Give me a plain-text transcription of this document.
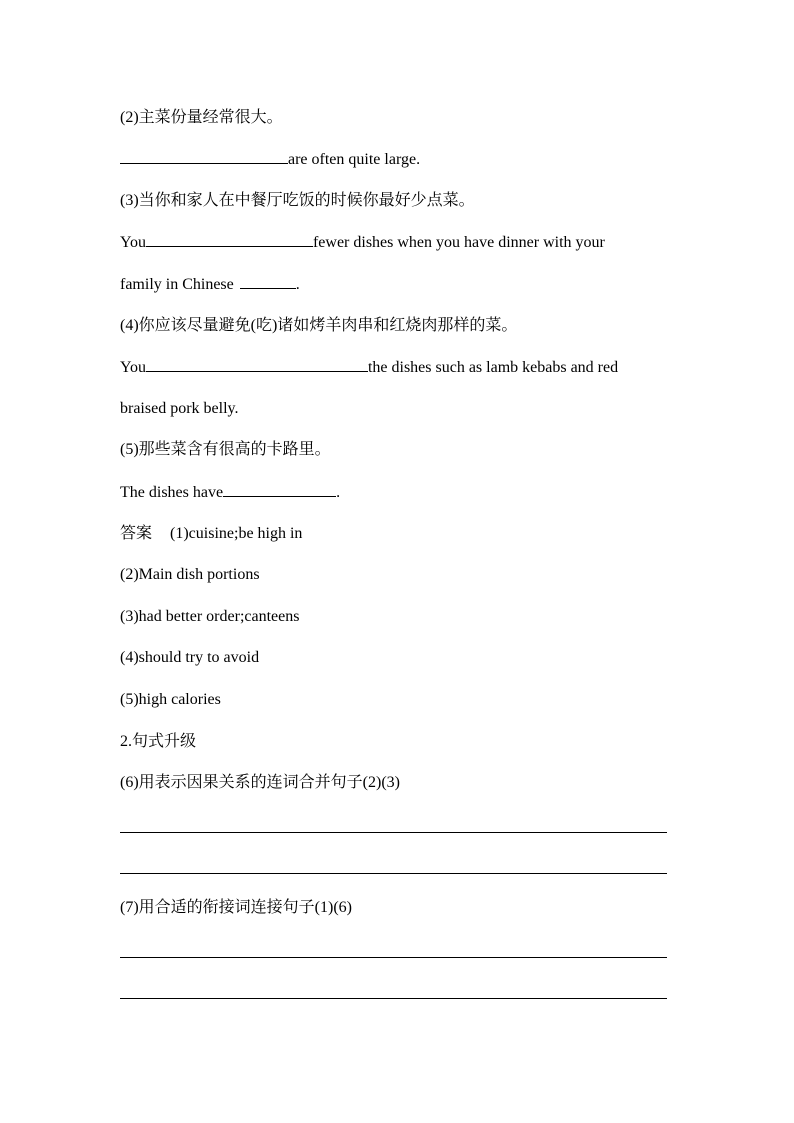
(2)主菜份量经常很大。
are often quite large.
(3)当你和家人在中餐厅吃饭的时候你最好少点菜。
You	fewer dishes when you have dinner with your
family in Chinese	.
(4)你应该尽量避免(吃)诸如烤羊肉串和红烧肉那样的菜。
You	the dishes such as lamb kebabs and red
braised pork belly.
(5)那些菜含有很高的卡路里。
The dishes have	.
答案 (1)cuisine;be high in
(2)Main dish portions
(3)had better order;canteens
(4)should try to avoid
(5)high calories
2.句式升级
(6)用表示因果关系的连词合并句子(2)(3)
(7)用合适的衔接词连接句子(1)(6)
